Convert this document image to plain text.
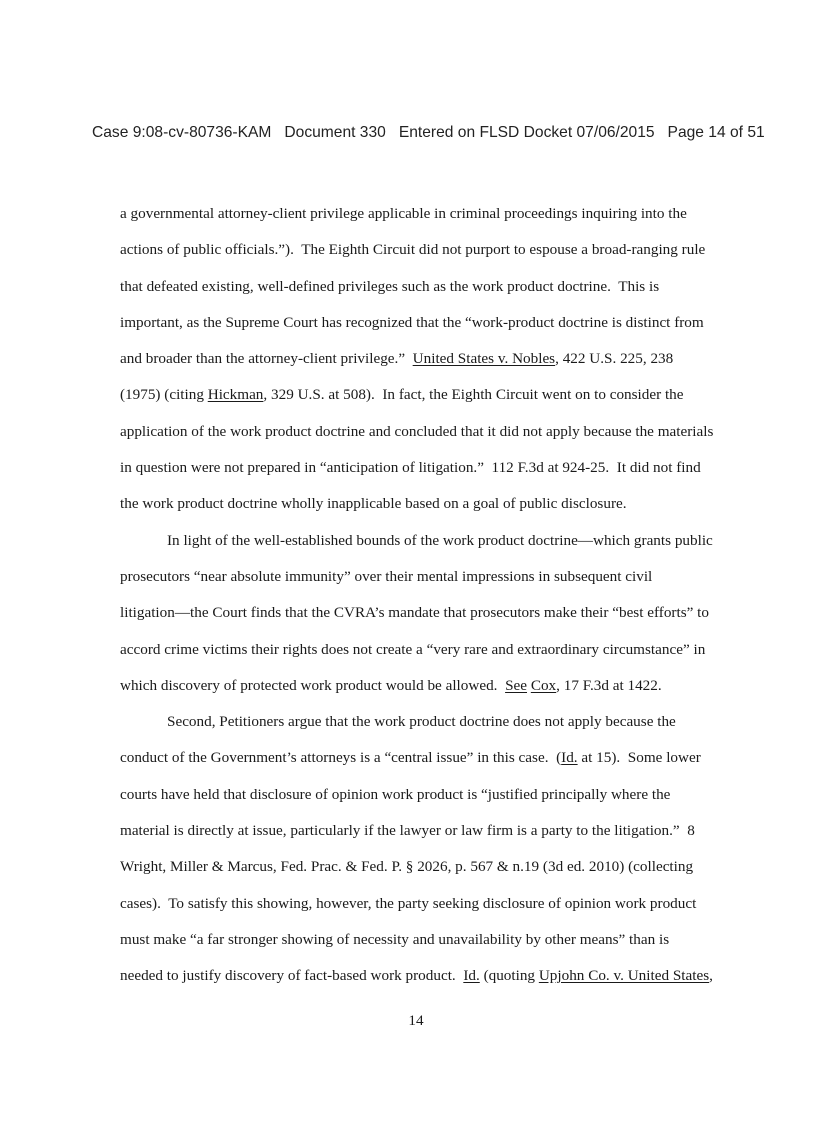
Case 9:08-cv-80736-KAM   Document 330   Entered on FLSD Docket 07/06/2015   Page 14 of 51
a governmental attorney-client privilege applicable in criminal proceedings inquiring into the
actions of public officials.”).  The Eighth Circuit did not purport to espouse a broad-ranging rule
that defeated existing, well-defined privileges such as the work product doctrine.  This is
important, as the Supreme Court has recognized that the “work-product doctrine is distinct from
and broader than the attorney-client privilege.”  United States v. Nobles, 422 U.S. 225, 238
(1975) (citing Hickman, 329 U.S. at 508).  In fact, the Eighth Circuit went on to consider the
application of the work product doctrine and concluded that it did not apply because the materials
in question were not prepared in “anticipation of litigation.”  112 F.3d at 924-25.  It did not find
the work product doctrine wholly inapplicable based on a goal of public disclosure.
In light of the well-established bounds of the work product doctrine—which grants public
prosecutors “near absolute immunity” over their mental impressions in subsequent civil
litigation—the Court finds that the CVRA’s mandate that prosecutors make their “best efforts” to
accord crime victims their rights does not create a “very rare and extraordinary circumstance” in
which discovery of protected work product would be allowed.  See Cox, 17 F.3d at 1422.
Second, Petitioners argue that the work product doctrine does not apply because the
conduct of the Government’s attorneys is a “central issue” in this case.  (Id. at 15).  Some lower
courts have held that disclosure of opinion work product is “justified principally where the
material is directly at issue, particularly if the lawyer or law firm is a party to the litigation.”  8
Wright, Miller & Marcus, Fed. Prac. & Fed. P. § 2026, p. 567 & n.19 (3d ed. 2010) (collecting
cases).  To satisfy this showing, however, the party seeking disclosure of opinion work product
must make “a far stronger showing of necessity and unavailability by other means” than is
needed to justify discovery of fact-based work product.  Id. (quoting Upjohn Co. v. United States,
14
